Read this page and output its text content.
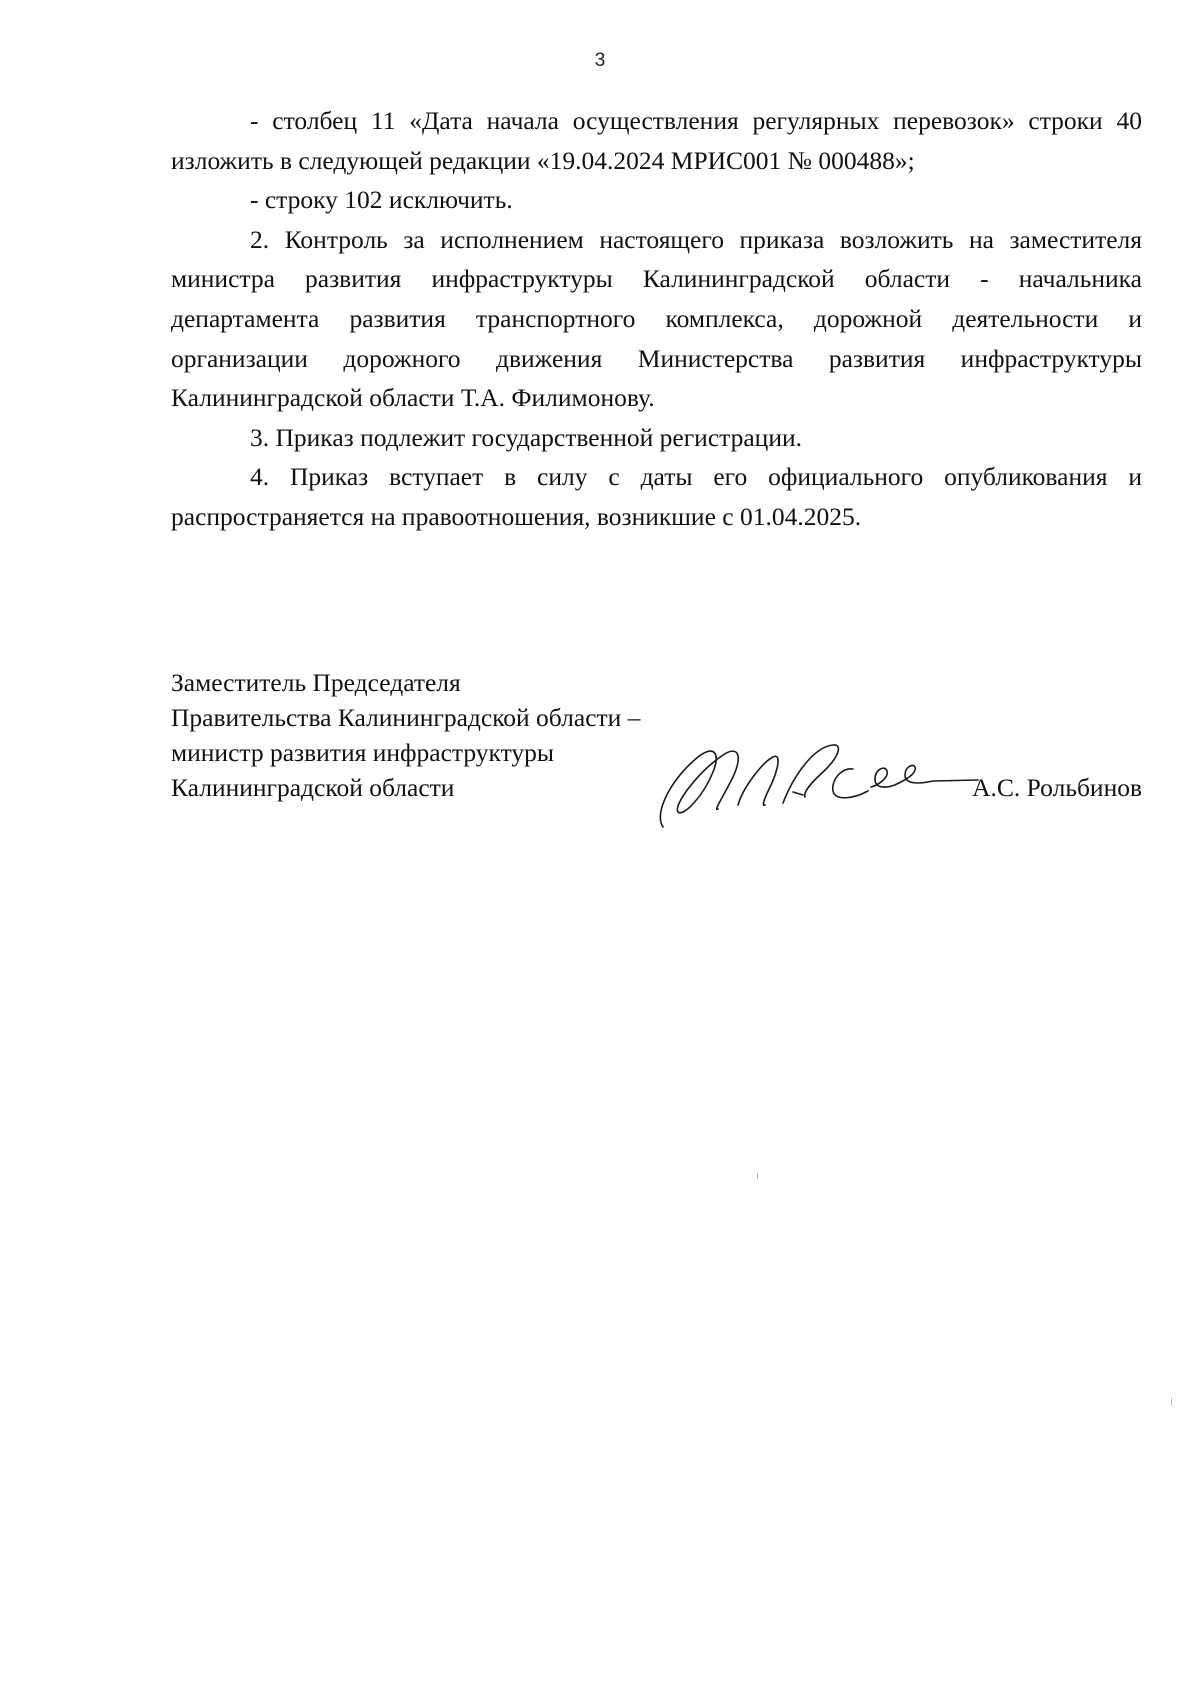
3

- столбец 11 «Дата начала осуществления регулярных перевозок» строки 40 изложить в следующей редакции «19.04.2024 МРИС001 № 000488»;

- строку 102 исключить.

2. Контроль за исполнением настоящего приказа возложить на заместителя министра развития инфраструктуры Калининградской области - начальника департамента развития транспортного комплекса, дорожной деятельности и организации дорожного движения Министерства развития инфраструктуры Калининградской области Т.А. Филимонову.

3. Приказ подлежит государственной регистрации.

4. Приказ вступает в силу с даты его официального опубликования и распространяется на правоотношения, возникшие с 01.04.2025.

Заместитель Председателя
Правительства Калининградской области –
министр развития инфраструктуры
Калининградской области	А.С. Рольбинов
